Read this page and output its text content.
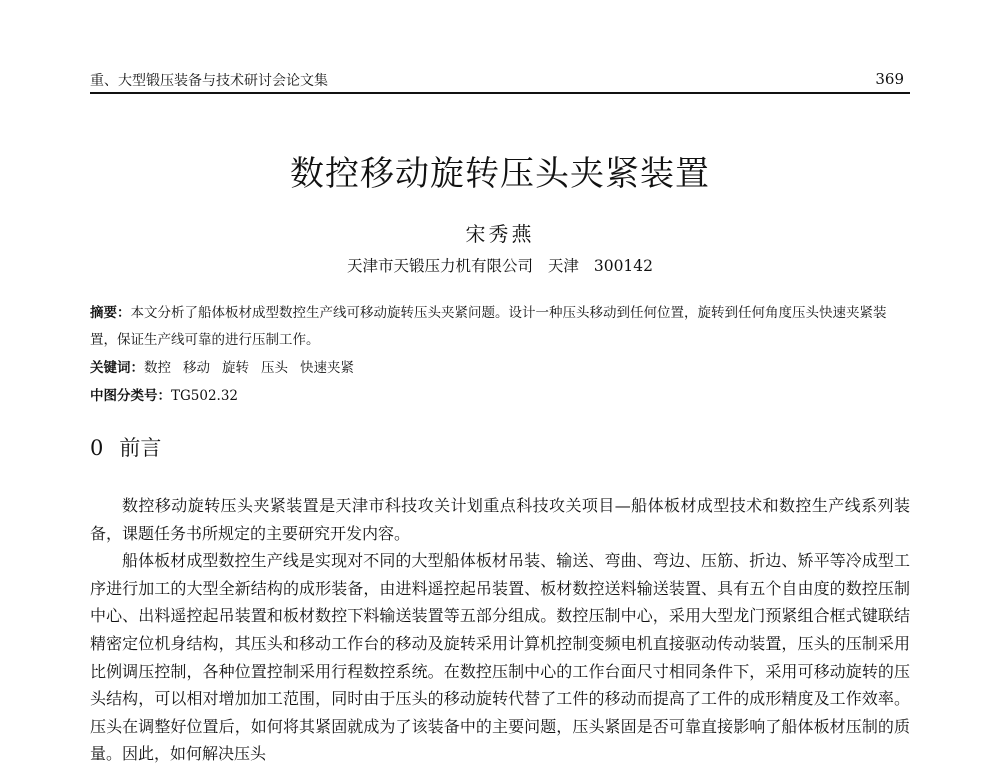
重、大型锻压装备与技术研讨会论文集	369
数控移动旋转压头夹紧装置
宋秀燕
天津市天锻压力机有限公司 天津 300142
摘要：本文分析了船体板材成型数控生产线可移动旋转压头夹紧问题。设计一种压头移动到任何位置，旋转到任何角度压头快速夹紧装置，保证生产线可靠的进行压制工作。
关键词：数控 移动 旋转 压头 快速夹紧
中图分类号：TG502.32
0 前言

数控移动旋转压头夹紧装置是天津市科技攻关计划重点科技攻关项目—船体板材成型技术和数控生产线系列装备，课题任务书所规定的主要研究开发内容。

船体板材成型数控生产线是实现对不同的大型船体板材吊装、输送、弯曲、弯边、压筋、折边、矫平等冷成型工序进行加工的大型全新结构的成形装备，由进料遥控起吊装置、板材数控送料输送装置、具有五个自由度的数控压制中心、出料遥控起吊装置和板材数控下料输送装置等五部分组成。数控压制中心，采用大型龙门预紧组合框式键联结精密定位机身结构，其压头和移动工作台的移动及旋转采用计算机控制变频电机直接驱动传动装置，压头的压制采用比例调压控制，各种位置控制采用行程数控系统。在数控压制中心的工作台面尺寸相同条件下，采用可移动旋转的压头结构，可以相对增加加工范围，同时由于压头的移动旋转代替了工件的移动而提高了工件的成形精度及工作效率。压头在调整好位置后，如何将其紧固就成为了该装备中的主要问题，压头紧固是否可靠直接影响了船体板材压制的质量。因此，如何解决压头
